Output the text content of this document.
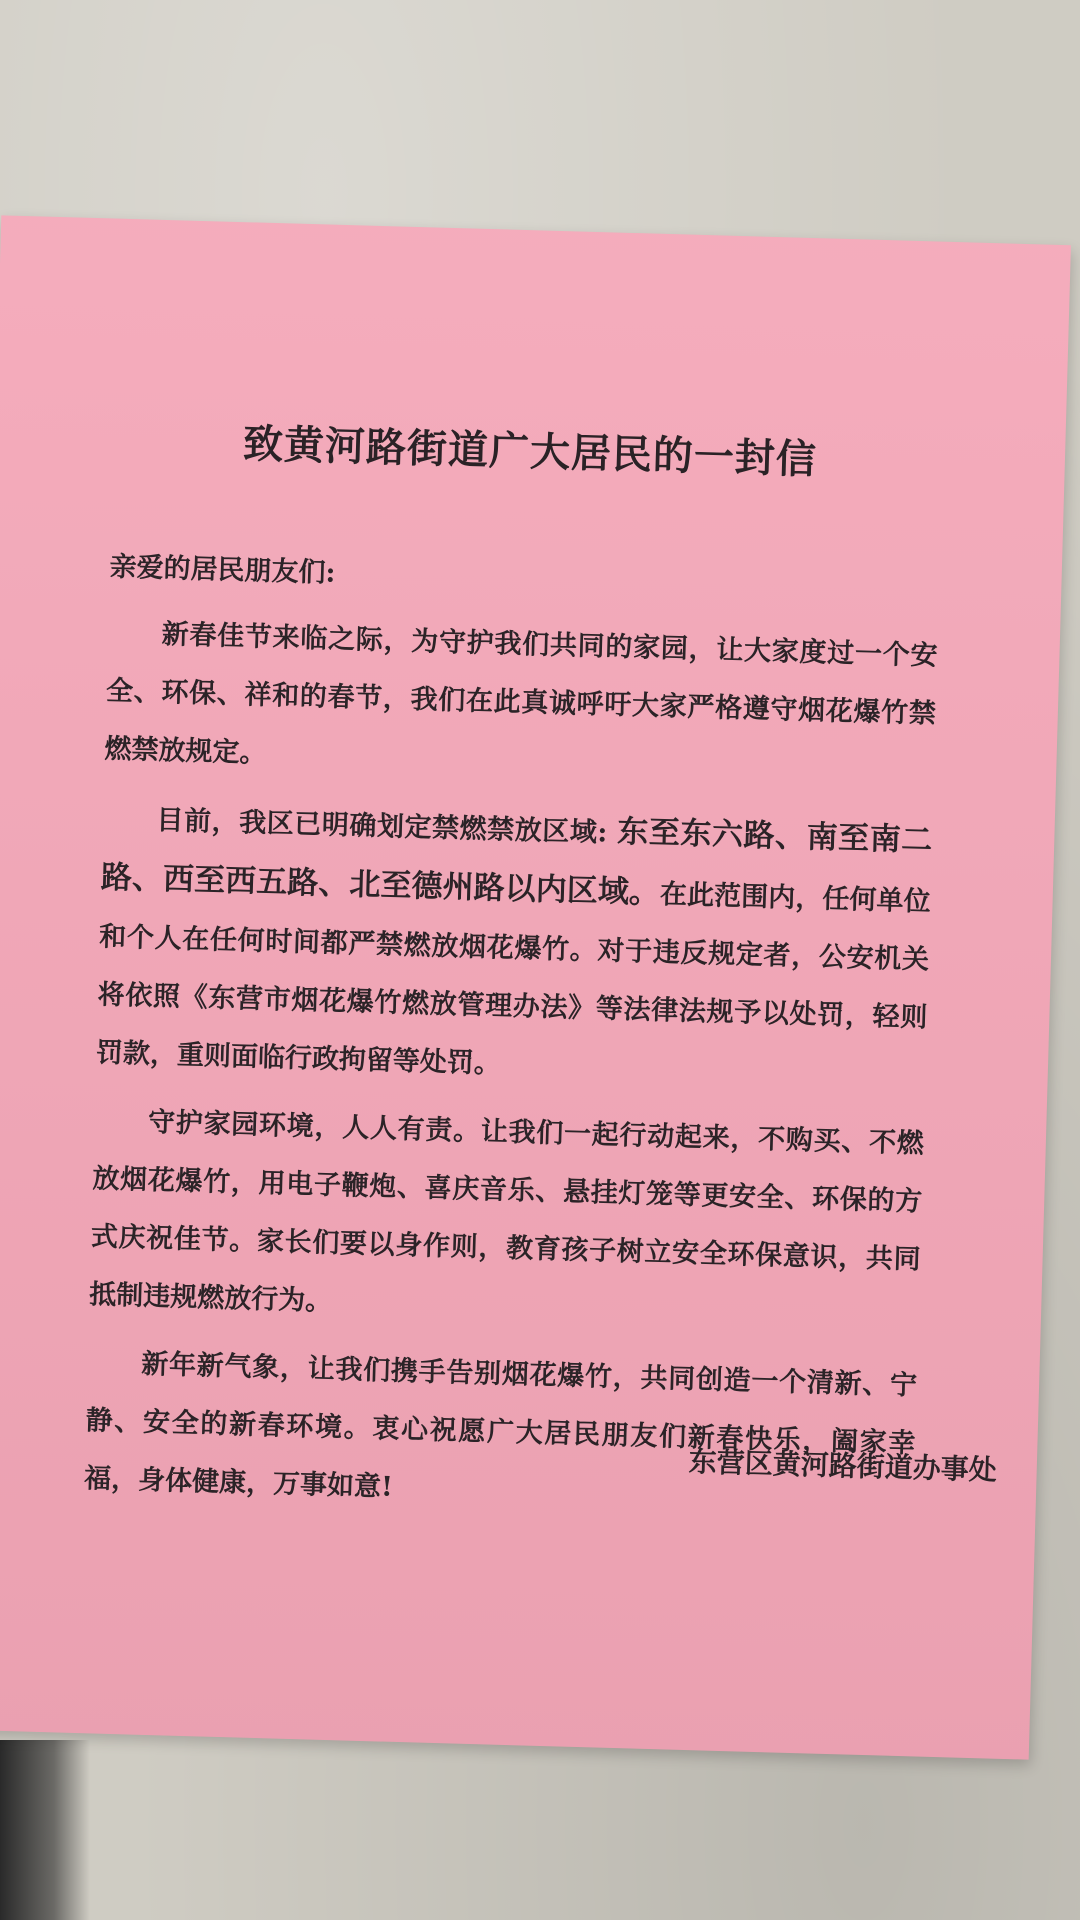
致黄河路街道广大居民的一封信

亲爱的居民朋友们:

新春佳节来临之际，为守护我们共同的家园，让大家度过一个安全、环保、祥和的春节，我们在此真诚呼吁大家严格遵守烟花爆竹禁燃禁放规定。

目前，我区已明确划定禁燃禁放区域: 东至东六路、南至南二路、西至西五路、北至德州路以内区域。在此范围内，任何单位和个人在任何时间都严禁燃放烟花爆竹。对于违反规定者，公安机关将依照《东营市烟花爆竹燃放管理办法》等法律法规予以处罚，轻则罚款，重则面临行政拘留等处罚。

守护家园环境，人人有责。让我们一起行动起来，不购买、不燃放烟花爆竹，用电子鞭炮、喜庆音乐、悬挂灯笼等更安全、环保的方式庆祝佳节。家长们要以身作则，教育孩子树立安全环保意识，共同抵制违规燃放行为。

新年新气象，让我们携手告别烟花爆竹，共同创造一个清新、宁静、安全的新春环境。衷心祝愿广大居民朋友们新春快乐，阖家幸福，身体健康，万事如意!	东营区黄河路街道办事处
